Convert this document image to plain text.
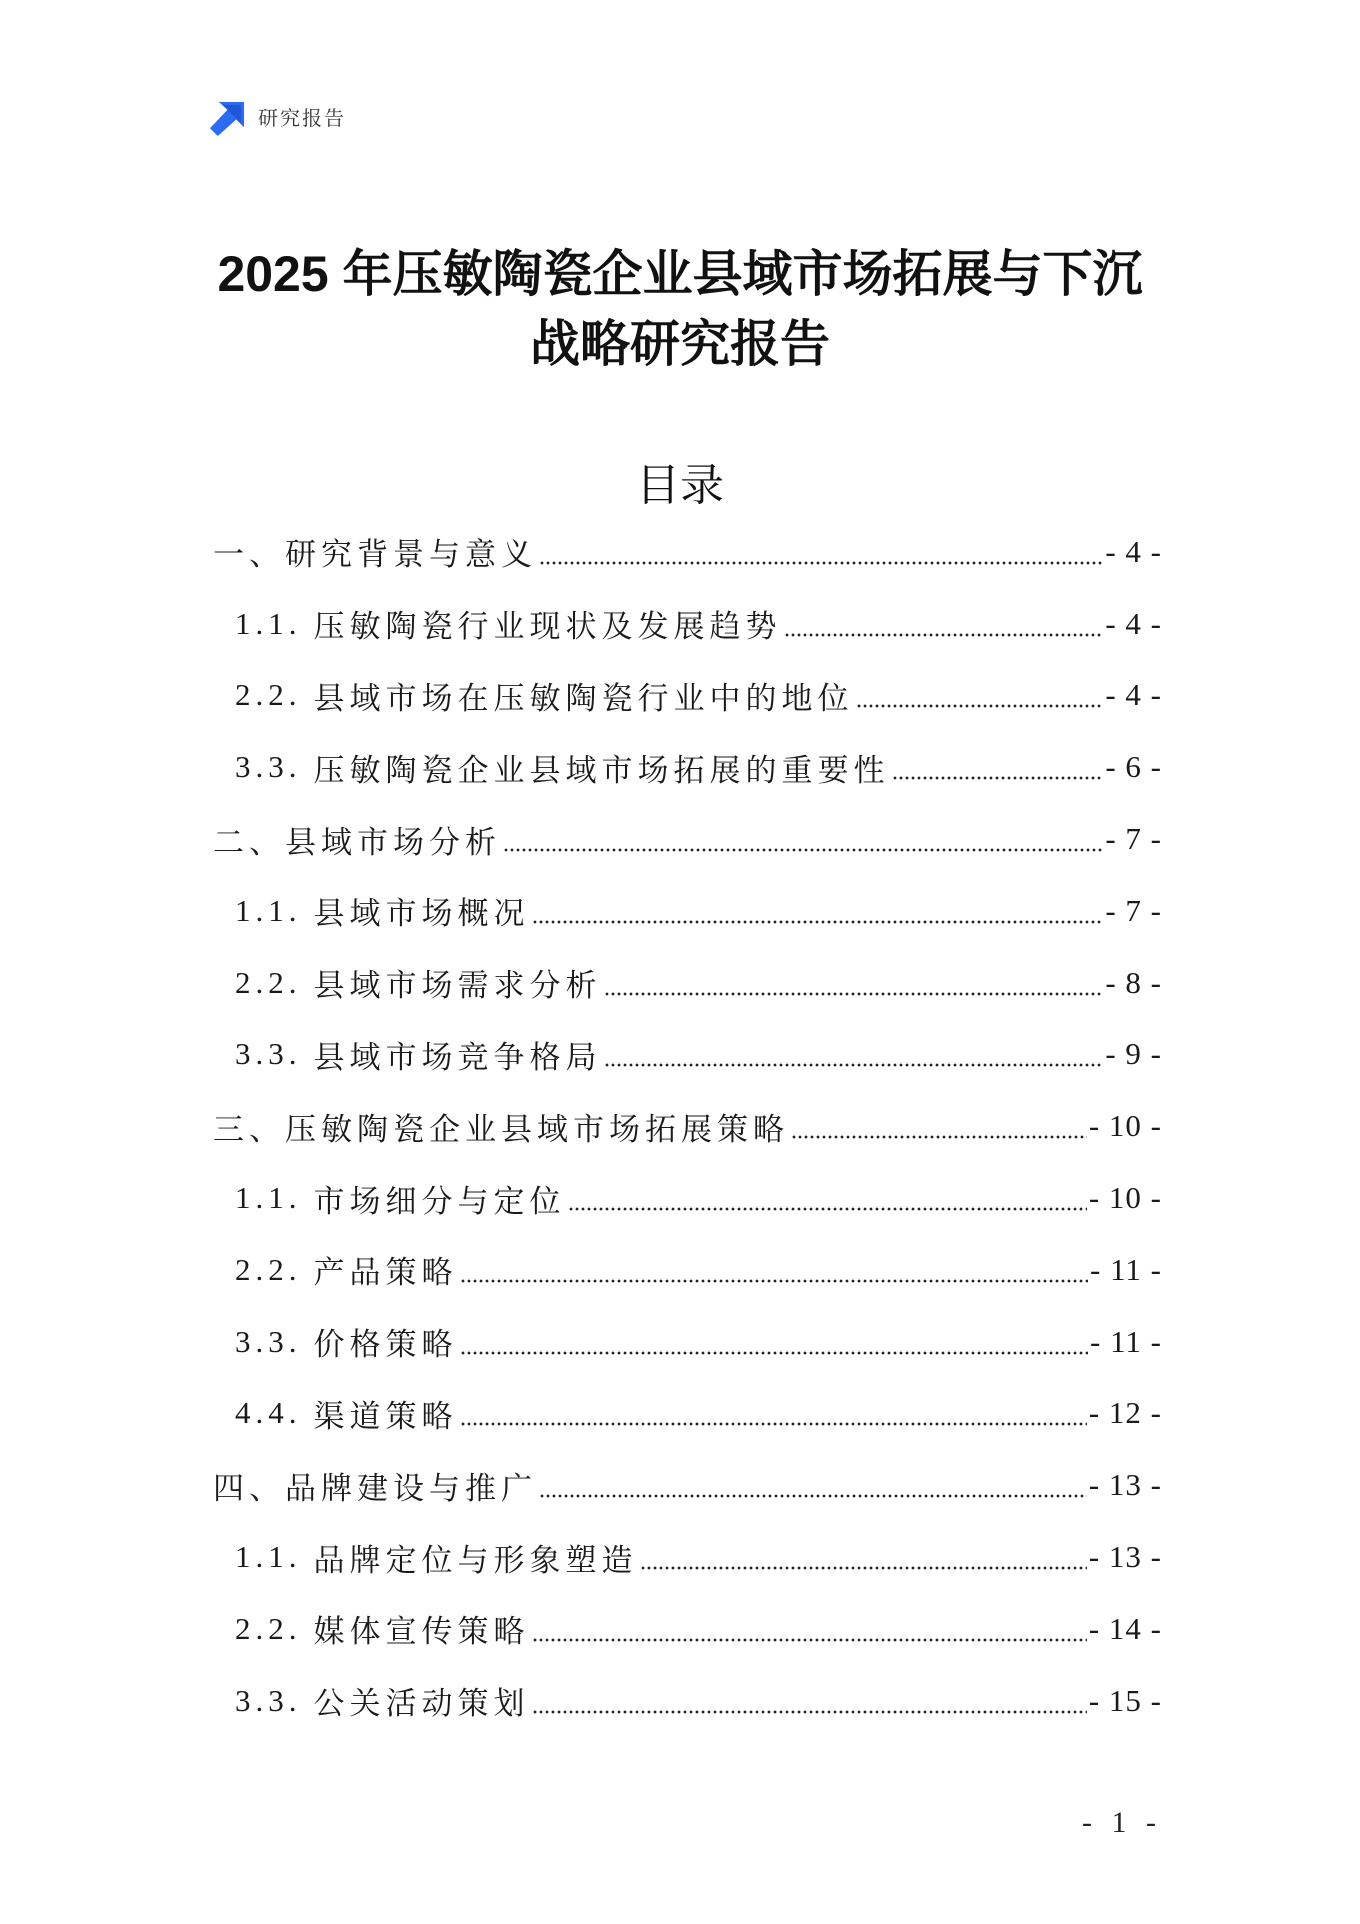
研究报告
2025 年压敏陶瓷企业县域市场拓展与下沉
战略研究报告
目录
一、 研究背景与意义	- 4 -
1.1. 压敏陶瓷行业现状及发展趋势	- 4 -
2.2. 县域市场在压敏陶瓷行业中的地位	- 4 -
3.3. 压敏陶瓷企业县域市场拓展的重要性	- 6 -
二、 县域市场分析	- 7 -
1.1. 县域市场概况	- 7 -
2.2. 县域市场需求分析	- 8 -
3.3. 县域市场竞争格局	- 9 -
三、 压敏陶瓷企业县域市场拓展策略	- 10 -
1.1. 市场细分与定位	- 10 -
2.2. 产品策略	- 11 -
3.3. 价格策略	- 11 -
4.4. 渠道策略	- 12 -
四、 品牌建设与推广	- 13 -
1.1. 品牌定位与形象塑造	- 13 -
2.2. 媒体宣传策略	- 14 -
3.3. 公关活动策划	- 15 -
- 1 -
